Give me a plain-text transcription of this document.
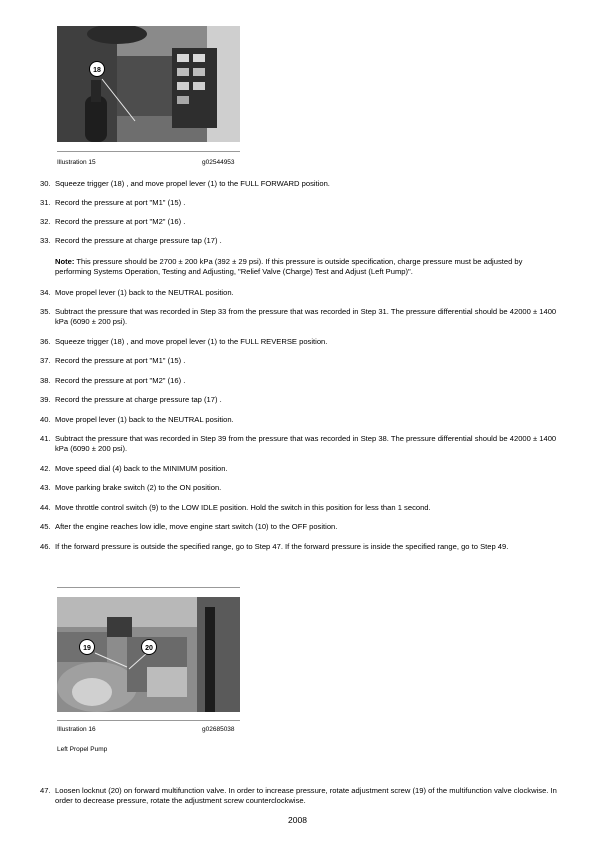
18
Illustration 15	g02544953
30. Squeeze trigger (18) , and move propel lever (1) to the FULL FORWARD position.
31. Record the pressure at port "M1" (15) .
32. Record the pressure at port "M2" (16) .
33. Record the pressure at charge pressure tap (17) .
Note: This pressure should be 2700 ± 200 kPa (392 ± 29 psi). If this pressure is outside specification, charge pressure must be adjusted by performing Systems Operation, Testing and Adjusting, "Relief Valve (Charge) Test and Adjust (Left Pump)".
34. Move propel lever (1) back to the NEUTRAL position.
35. Subtract the pressure that was recorded in Step 33 from the pressure that was recorded in Step 31. The pressure differential should be 42000 ± 1400 kPa (6090 ± 200 psi).
36. Squeeze trigger (18) , and move propel lever (1) to the FULL REVERSE position.
37. Record the pressure at port "M1" (15) .
38. Record the pressure at port "M2" (16) .
39. Record the pressure at charge pressure tap (17) .
40. Move propel lever (1) back to the NEUTRAL position.
41. Subtract the pressure that was recorded in Step 39 from the pressure that was recorded in Step 38. The pressure differential should be 42000 ± 1400 kPa (6090 ± 200 psi).
42. Move speed dial (4) back to the MINIMUM position.
43. Move parking brake switch (2) to the ON position.
44. Move throttle control switch (9) to the LOW IDLE position. Hold the switch in this position for less than 1 second.
45. After the engine reaches low idle, move engine start switch (10) to the OFF position.
46. If the forward pressure is outside the specified range, go to Step 47. If the forward pressure is inside the specified range, go to Step 49.
19	20
Illustration 16	g02685038
Left Propel Pump
47. Loosen locknut (20) on forward multifunction valve. In order to increase pressure, rotate adjustment screw (19) of the multifunction valve clockwise. In order to decrease pressure, rotate the adjustment screw counterclockwise.
2008
